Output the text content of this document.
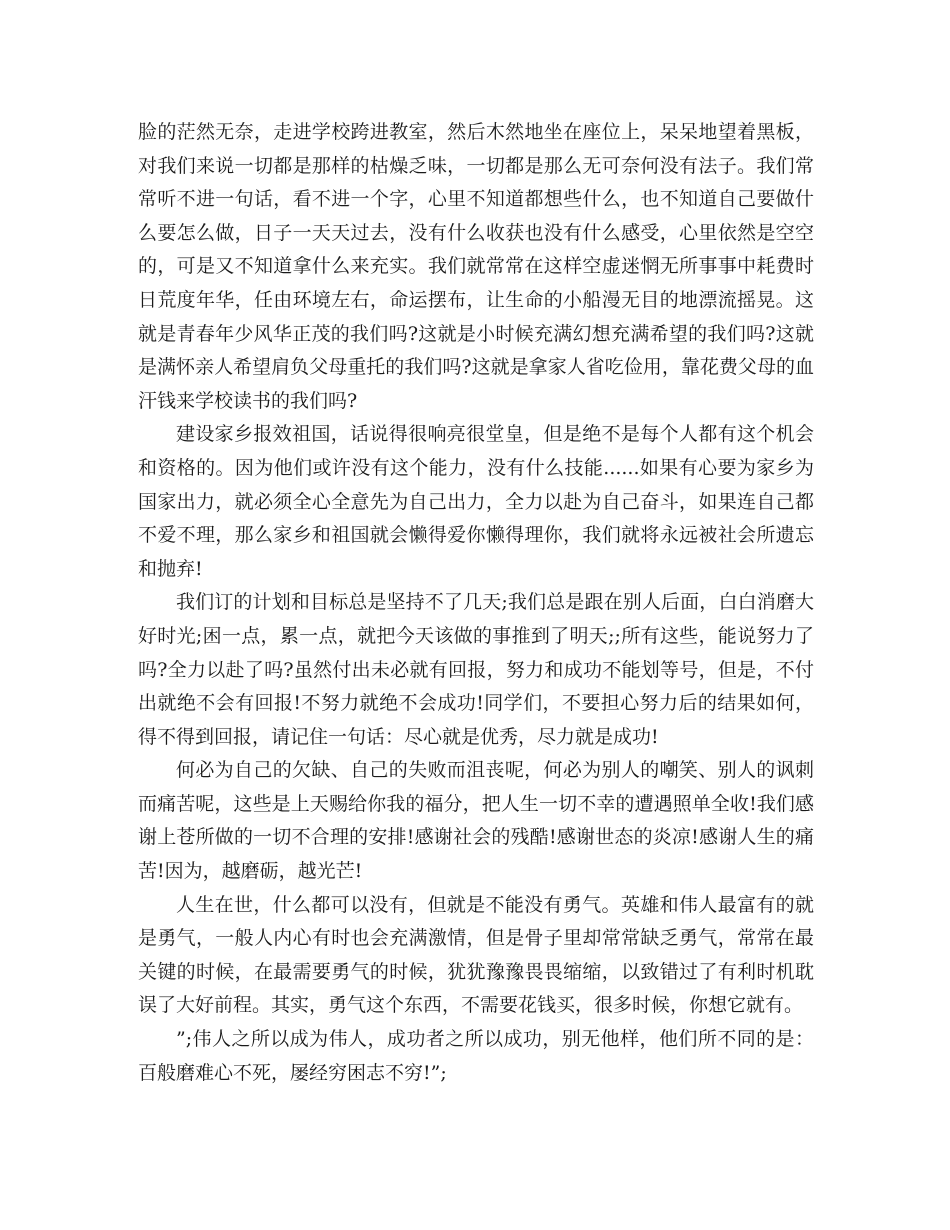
脸的茫然无奈，走进学校跨进教室，然后木然地坐在座位上，呆呆地望着黑板，对我们来说一切都是那样的枯燥乏味，一切都是那么无可奈何没有法子。我们常常听不进一句话，看不进一个字，心里不知道都想些什么，也不知道自己要做什么要怎么做，日子一天天过去，没有什么收获也没有什么感受，心里依然是空空的，可是又不知道拿什么来充实。我们就常常在这样空虚迷惘无所事事中耗费时日荒度年华，任由环境左右，命运摆布，让生命的小船漫无目的地漂流摇晃。这就是青春年少风华正茂的我们吗?这就是小时候充满幻想充满希望的我们吗?这就是满怀亲人希望肩负父母重托的我们吗?这就是拿家人省吃俭用，靠花费父母的血汗钱来学校读书的我们吗?

建设家乡报效祖国，话说得很响亮很堂皇，但是绝不是每个人都有这个机会和资格的。因为他们或许没有这个能力，没有什么技能......如果有心要为家乡为国家出力，就必须全心全意先为自己出力，全力以赴为自己奋斗，如果连自己都不爱不理，那么家乡和祖国就会懒得爱你懒得理你，我们就将永远被社会所遗忘和抛弃!

我们订的计划和目标总是坚持不了几天;我们总是跟在别人后面，白白消磨大好时光;困一点，累一点，就把今天该做的事推到了明天;;所有这些，能说努力了吗?全力以赴了吗?虽然付出未必就有回报，努力和成功不能划等号，但是，不付出就绝不会有回报!不努力就绝不会成功!同学们，不要担心努力后的结果如何，得不得到回报，请记住一句话：尽心就是优秀，尽力就是成功!

何必为自己的欠缺、自己的失败而沮丧呢，何必为别人的嘲笑、别人的讽刺而痛苦呢，这些是上天赐给你我的福分，把人生一切不幸的遭遇照单全收!我们感谢上苍所做的一切不合理的安排!感谢社会的残酷!感谢世态的炎凉!感谢人生的痛苦!因为，越磨砺，越光芒!

人生在世，什么都可以没有，但就是不能没有勇气。英雄和伟人最富有的就是勇气，一般人内心有时也会充满激情，但是骨子里却常常缺乏勇气，常常在最关键的时候，在最需要勇气的时候，犹犹豫豫畏畏缩缩，以致错过了有利时机耽误了大好前程。其实，勇气这个东西，不需要花钱买，很多时候，你想它就有。

”;伟人之所以成为伟人，成功者之所以成功，别无他样，他们所不同的是：百般磨难心不死，屡经穷困志不穷!”;
